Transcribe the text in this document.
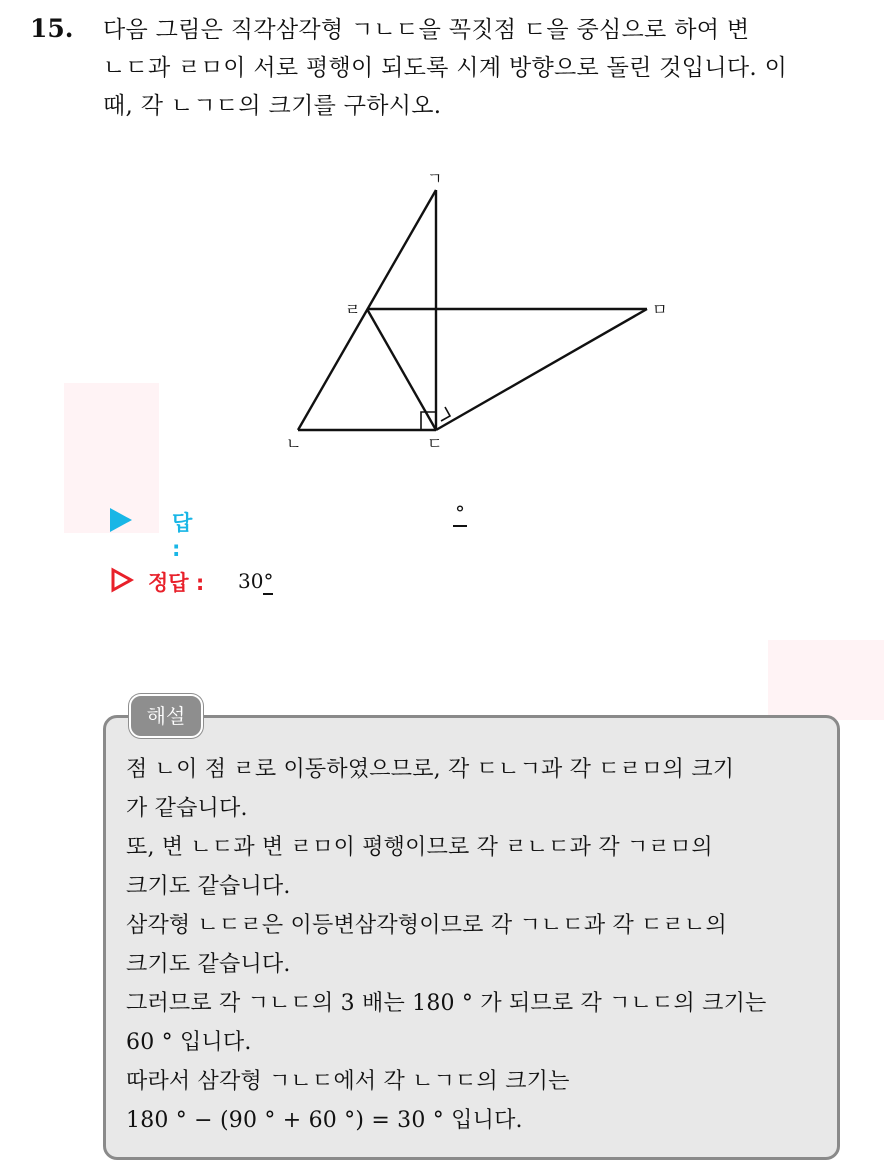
15. 다음 그림은 직각삼각형 ㄱㄴㄷ을 꼭짓점 ㄷ을 중심으로 하여 변
ㄴㄷ과 ㄹㅁ이 서로 평행이 되도록 시계 방향으로 돌린 것입니다. 이
때, 각 ㄴㄱㄷ의 크기를 구하시오.
ㄱ
ㄹ	ㅁ
ㄴ	ㄷ
답 :
°
정답 : 30°
해설
점 ㄴ이 점 ㄹ로 이동하였으므로, 각 ㄷㄴㄱ과 각 ㄷㄹㅁ의 크기
가 같습니다.
또, 변 ㄴㄷ과 변 ㄹㅁ이 평행이므로 각 ㄹㄴㄷ과 각 ㄱㄹㅁ의
크기도 같습니다.
삼각형 ㄴㄷㄹ은 이등변삼각형이므로 각 ㄱㄴㄷ과 각 ㄷㄹㄴ의
크기도 같습니다.
그러므로 각 ㄱㄴㄷ의 3 배는 180 ° 가 되므로 각 ㄱㄴㄷ의 크기는
60 ° 입니다.
따라서 삼각형 ㄱㄴㄷ에서 각 ㄴㄱㄷ의 크기는
180 ° − (90 ° + 60 °) = 30 ° 입니다.
